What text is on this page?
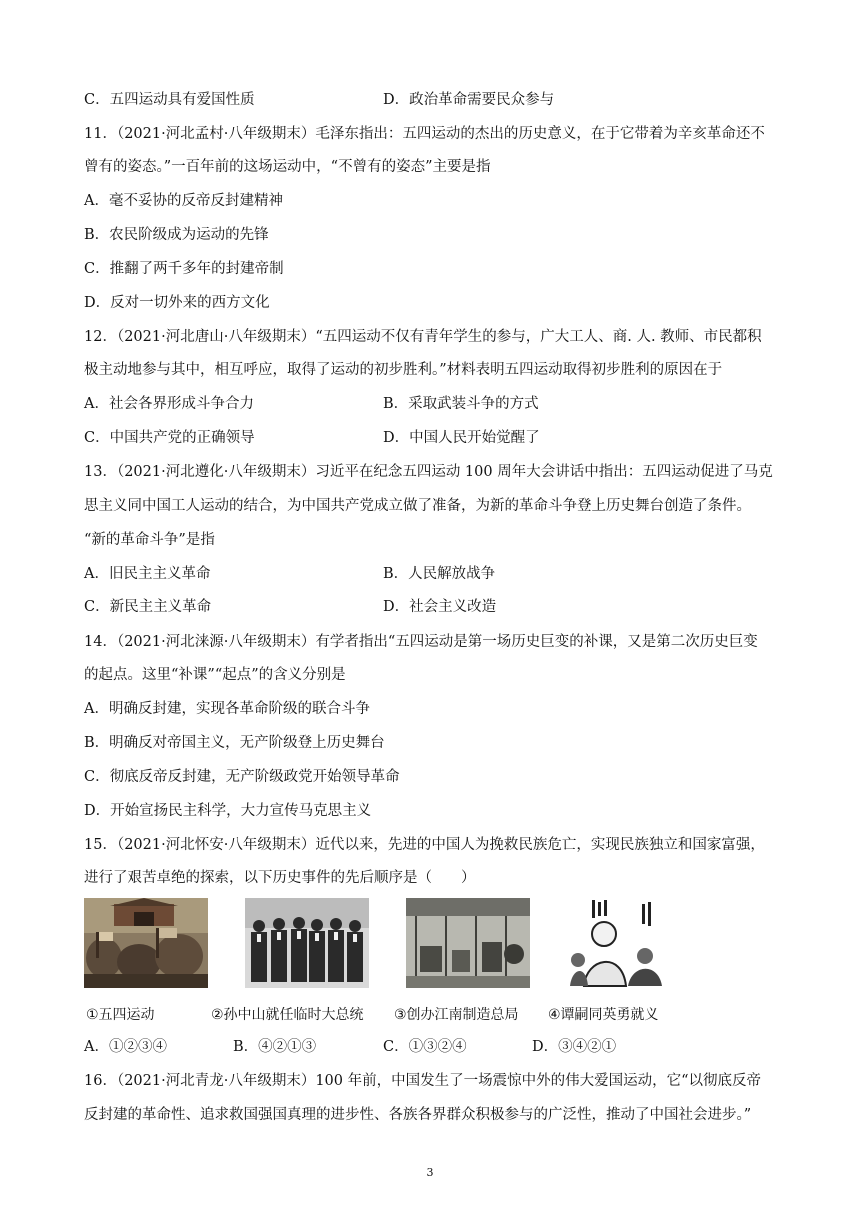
C．五四运动具有爱国性质	D．政治革命需要民众参与
11．（2021·河北孟村·八年级期末）毛泽东指出：五四运动的杰出的历史意义，在于它带着为辛亥革命还不
曾有的姿态。”一百年前的这场运动中，“不曾有的姿态”主要是指
A．毫不妥协的反帝反封建精神
B．农民阶级成为运动的先锋
C．推翻了两千多年的封建帝制
D．反对一切外来的西方文化
12．（2021·河北唐山·八年级期末）“五四运动不仅有青年学生的参与，广大工人、商. 人. 教师、市民都积
极主动地参与其中，相互呼应，取得了运动的初步胜利。”材料表明五四运动取得初步胜利的原因在于
A．社会各界形成斗争合力	B．采取武装斗争的方式
C．中国共产党的正确领导	D．中国人民开始觉醒了
13．（2021·河北遵化·八年级期末）习近平在纪念五四运动 100 周年大会讲话中指出：五四运动促进了马克
思主义同中国工人运动的结合，为中国共产党成立做了准备，为新的革命斗争登上历史舞台创造了条件。
“新的革命斗争”是指
A．旧民主主义革命	B．人民解放战争
C．新民主主义革命	D．社会主义改造
14．（2021·河北涞源·八年级期末）有学者指出“五四运动是第一场历史巨变的补课，又是第二次历史巨变
的起点。这里“补课”“起点”的含义分别是
A．明确反封建，实现各革命阶级的联合斗争
B．明确反对帝国主义，无产阶级登上历史舞台
C．彻底反帝反封建，无产阶级政党开始领导革命
D．开始宣扬民主科学，大力宣传马克思主义
15．（2021·河北怀安·八年级期末）近代以来，先进的中国人为挽救民族危亡，实现民族独立和国家富强，
进行了艰苦卓绝的探索，以下历史事件的先后顺序是（　　）
①五四运动	②孙中山就任临时大总统 ③创办江南制造总局 ④谭嗣同英勇就义
A．①②③④	B．④②①③	C．①③②④	D．③④②①
16．（2021·河北青龙·八年级期末）100 年前，中国发生了一场震惊中外的伟大爱国运动，它“以彻底反帝
反封建的革命性、追求救国强国真理的进步性、各族各界群众积极参与的广泛性，推动了中国社会进步。”
3
